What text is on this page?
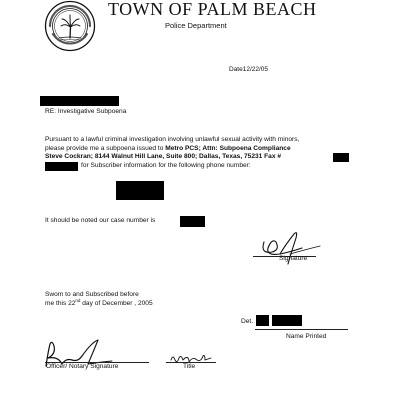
TOWN OF PALM BEACH
Police Department
Date12/22/05
RE: Investigative Subpoena
Pursuant to a lawful criminal investigation involving unlawful sexual activity with minors,
please provide me a subpoena issued to Metro PCS; Attn: Subpoena Compliance
Steve Cockran; 8144 Walnut Hill Lane, Suite 800; Dallas, Texas, 75231 Fax #
for Subscriber information for the following phone number:
It should be noted our case number is
Signature
Swom to and Subscribed before
me this 22nd day of December , 2005
Det.
Name Printed
Officer/ Notary Signature	Title
